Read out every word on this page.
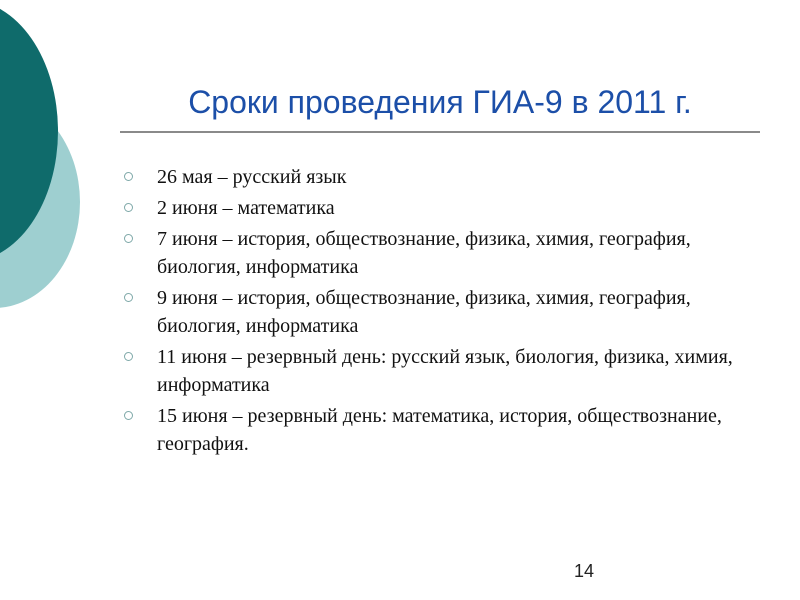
Сроки проведения ГИА-9 в 2011 г.
26 мая – русский язык
2 июня – математика
7 июня – история, обществознание, физика, химия, география, биология, информатика
9 июня – история, обществознание, физика, химия, география, биология, информатика
11 июня – резервный день: русский язык, биология, физика, химия, информатика
15 июня – резервный день: математика, история, обществознание, география.
14
